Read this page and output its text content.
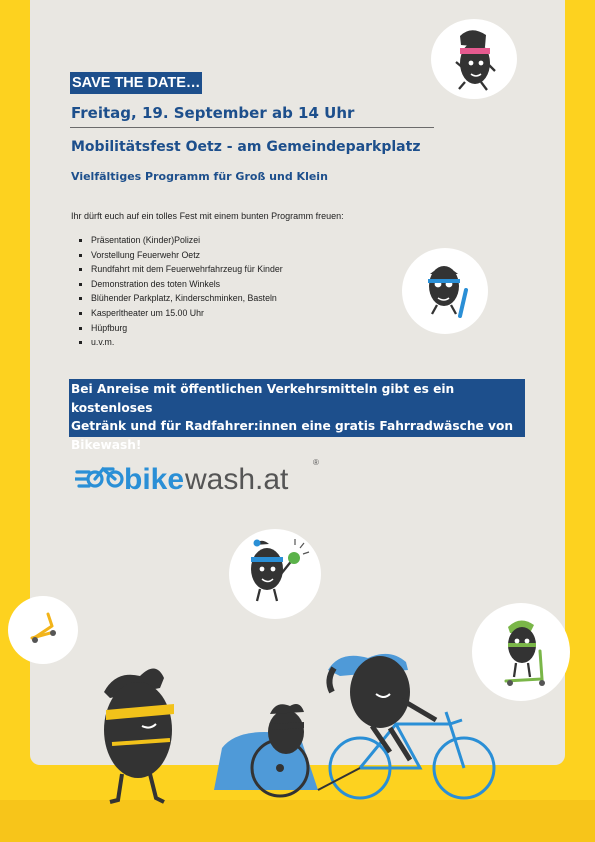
SAVE THE DATE…
Freitag, 19. September ab 14 Uhr
Mobilitätsfest Oetz - am Gemeindeparkplatz
Vielfältiges Programm für Groß und Klein
Ihr dürft euch auf ein tolles Fest mit einem bunten Programm freuen:
▪ Präsentation (Kinder)Polizei
▪ Vorstellung Feuerwehr Oetz
▪ Rundfahrt mit dem Feuerwehrfahrzeug für Kinder
▪ Demonstration des toten Winkels
▪ Blühender Parkplatz, Kinderschminken, Basteln
▪ Kasperltheater um 15.00 Uhr
▪ Hüpfburg
▪ u.v.m.
Bei Anreise mit öffentlichen Verkehrsmitteln gibt es ein kostenloses
Getränk und für Radfahrer:innen eine gratis Fahrradwäsche von
Bikewash!
bike wash.at
®
